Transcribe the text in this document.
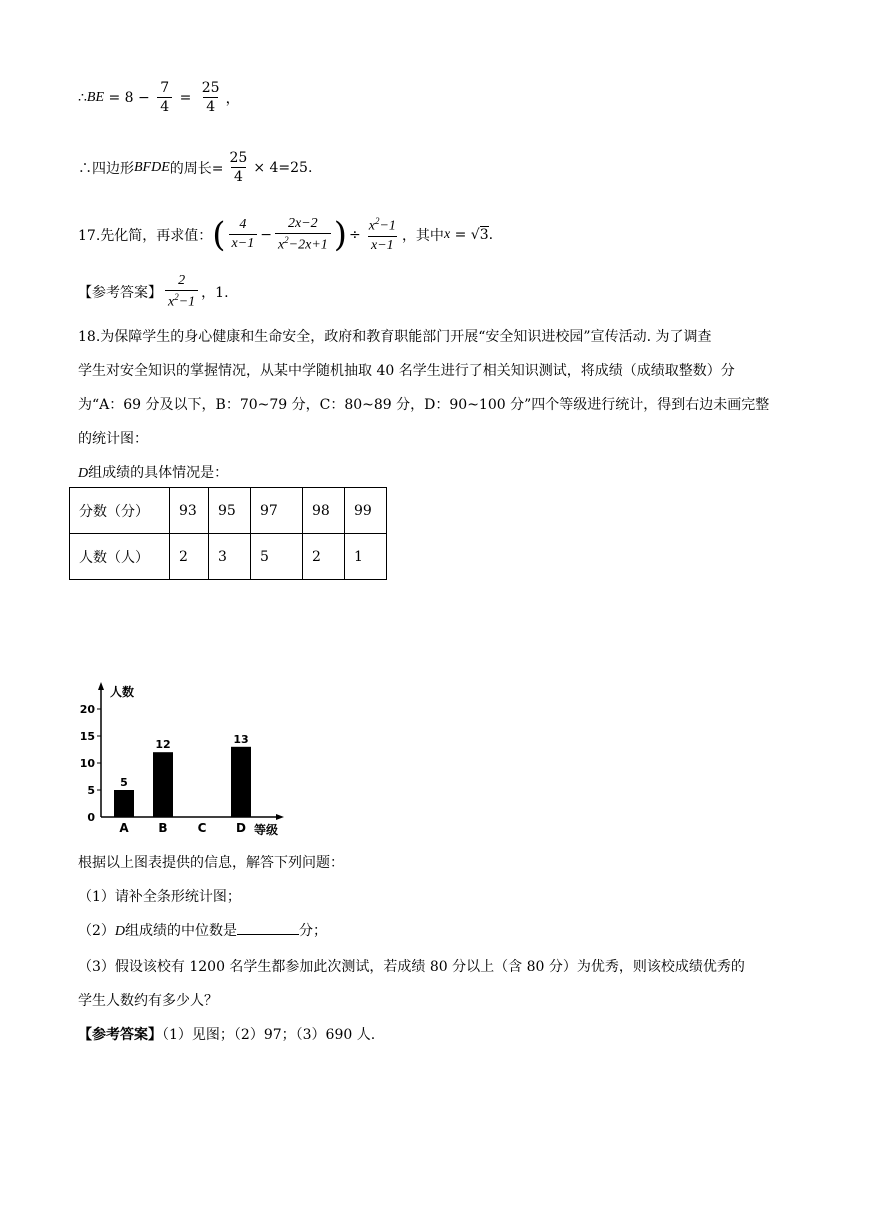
∴ BE = $8 - \frac{7}{4} = \frac{25}{4}$ ，
∴四边形 BFDE 的周长= $\frac{25}{4} \times 4=25$.
17.先化简，再求值： ( $\frac{4}{x-1} - \frac{2x-2}{x^2-2x+1}$ ) ÷ $\frac{x^2-1}{x-1}$ ，其中 x = √ 3 .
【参考答案】 $\frac{2}{x^2-1}$ ，1.
18.为保障学生的身心健康和生命安全，政府和教育职能部门开展“安全知识进校园”宣传活动. 为了调查
学生对安全知识的掌握情况，从某中学随机抽取 40 名学生进行了相关知识测试，将成绩（成绩取整数）分
为“A：69 分及以下，B：70~79 分，C：80~89 分，D：90~100 分”四个等级进行统计，得到右边未画完整
的统计图：
D组成绩的具体情况是：
分数（分）	93	95	97	98	99
人数（人）	2	3	5	2	1
0
5
10
15
20
人数
等级
A
5
B
12
C D
13
根据以上图表提供的信息，解答下列问题：
（1）请补全条形统计图；
（2）D组成绩的中位数是	分；
（3）假设该校有 1200 名学生都参加此次测试，若成绩 80 分以上（含 80 分）为优秀，则该校成绩优秀的
学生人数约有多少人？
【参考答案】（1）见图；（2）97；（3）690 人.
